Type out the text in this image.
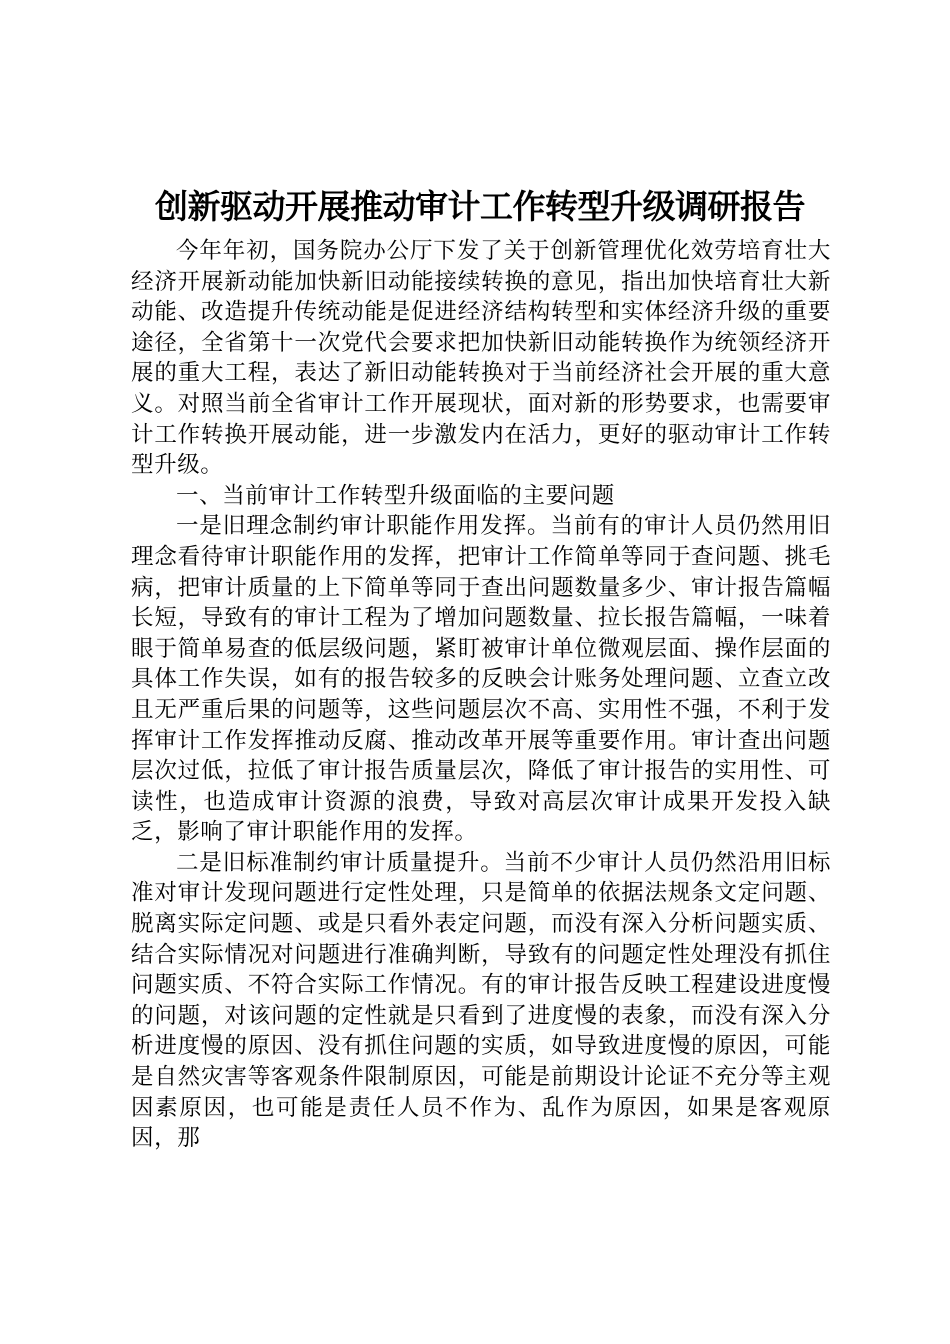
创新驱动开展推动审计工作转型升级调研报告

今年年初，国务院办公厅下发了关于创新管理优化效劳培育壮大经济开展新动能加快新旧动能接续转换的意见，指出加快培育壮大新动能、改造提升传统动能是促进经济结构转型和实体经济升级的重要途径，全省第十一次党代会要求把加快新旧动能转换作为统领经济开展的重大工程，表达了新旧动能转换对于当前经济社会开展的重大意义。对照当前全省审计工作开展现状，面对新的形势要求，也需要审计工作转换开展动能，进一步激发内在活力，更好的驱动审计工作转型升级。

一、当前审计工作转型升级面临的主要问题

一是旧理念制约审计职能作用发挥。当前有的审计人员仍然用旧理念看待审计职能作用的发挥，把审计工作简单等同于查问题、挑毛病，把审计质量的上下简单等同于查出问题数量多少、审计报告篇幅长短，导致有的审计工程为了增加问题数量、拉长报告篇幅，一味着眼于简单易查的低层级问题，紧盯被审计单位微观层面、操作层面的具体工作失误，如有的报告较多的反映会计账务处理问题、立查立改且无严重后果的问题等，这些问题层次不高、实用性不强，不利于发挥审计工作发挥推动反腐、推动改革开展等重要作用。审计查出问题层次过低，拉低了审计报告质量层次，降低了审计报告的实用性、可读性，也造成审计资源的浪费，导致对高层次审计成果开发投入缺乏，影响了审计职能作用的发挥。

二是旧标准制约审计质量提升。当前不少审计人员仍然沿用旧标准对审计发现问题进行定性处理，只是简单的依据法规条文定问题、脱离实际定问题、或是只看外表定问题，而没有深入分析问题实质、结合实际情况对问题进行准确判断，导致有的问题定性处理没有抓住问题实质、不符合实际工作情况。有的审计报告反映工程建设进度慢的问题，对该问题的定性就是只看到了进度慢的表象，而没有深入分析进度慢的原因、没有抓住问题的实质，如导致进度慢的原因，可能是自然灾害等客观条件限制原因，可能是前期设计论证不充分等主观因素原因，也可能是责任人员不作为、乱作为原因，如果是客观原因，那
